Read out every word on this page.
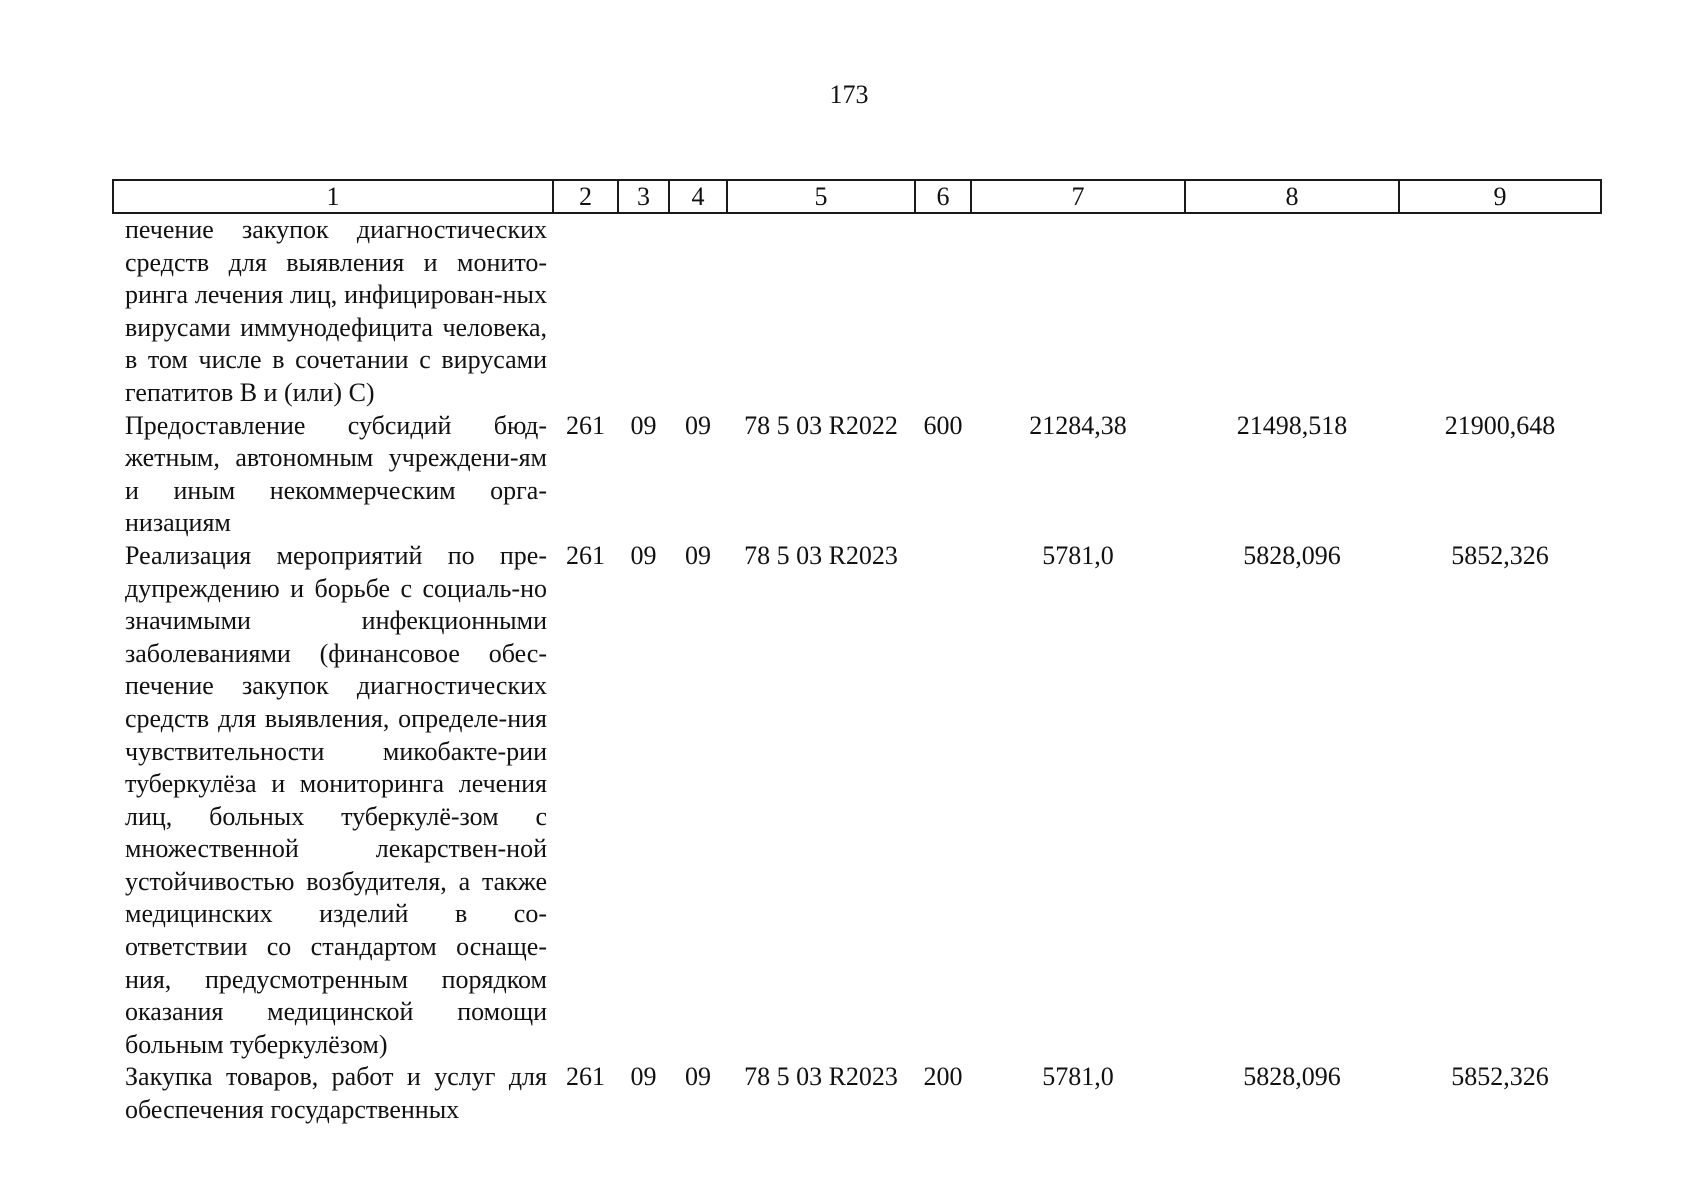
173
1	2	3	4	5	6	7	8	9
печение закупок диагностических средств для выявления и монито-ринга лечения лиц, инфицирован-ных вирусами иммунодефицита человека, в том числе в сочетании с вирусами гепатитов В и (или) С)								
Предоставление субсидий бюд-жетным, автономным учреждени-ям и иным некоммерческим орга-низациям	261	09	09	78 5 03 R2022	600	21284,38	21498,518	21900,648
Реализация мероприятий по пре-дупреждению и борьбе с социаль-но значимыми инфекционными заболеваниями (финансовое обес-печение закупок диагностических средств для выявления, определе-ния чувствительности микобакте-рии туберкулёза и мониторинга лечения лиц, больных туберкулё-зом с множественной лекарствен-ной устойчивостью возбудителя, а также медицинских изделий в со-ответствии со стандартом оснаще-ния, предусмотренным порядком оказания медицинской помощи больным туберкулёзом)	261	09	09	78 5 03 R2023		5781,0	5828,096	5852,326
Закупка товаров, работ и услуг для обеспечения государственных	261	09	09	78 5 03 R2023	200	5781,0	5828,096	5852,326
